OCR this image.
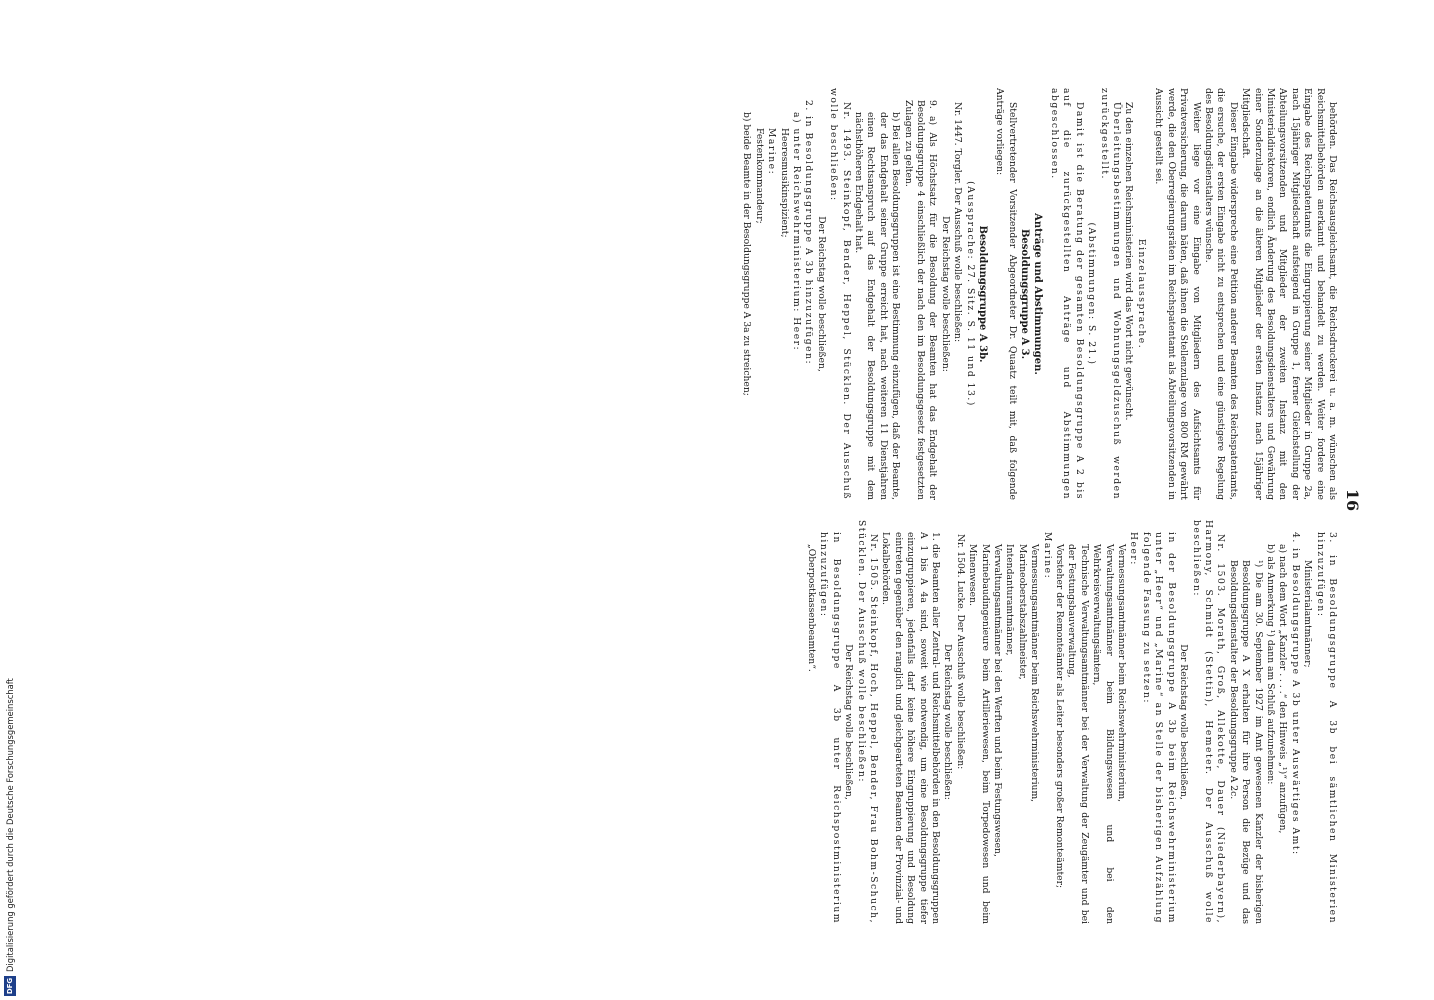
16

behörden. Das Reichsausgleichsamt, die Reichsdruckerei u. a. m. wünschen als Reichsmittelbehörden anerkannt und behandelt zu werden. Weiter fordere eine Eingabe des Reichspatentamts die Eingruppierung seiner Mitglieder in Gruppe 2a, nach 15jähriger Mitgliedschaft aufsteigend in Gruppe 1, ferner Gleichstellung der Abteilungsvorsitzenden und Mitglieder der zweiten Instanz mit den Ministerialdirektoren, endlich Änderung des Besoldungsdienstalters und Gewährung einer Sonderzulage an die älteren Mitglieder der ersten Instanz nach 15jähriger Mitgliedschaft.

Dieser Eingabe widerspreche eine Petition anderer Beamten des Reichspatentamts, die ersuche, der ersten Eingabe nicht zu entsprechen und eine günstigere Regelung des Besoldungsdienstalters wünsche.

Weiter liege vor eine Eingabe von Mitgliedern des Aufsichtsamts für Privatversicherung, die darum bäten, daß ihnen die Stellenzulage von 800 RM gewährt werde, die den Oberregierungsräten im Reichspatentamt als Abteilungsvorsitzenden in Aussicht gestellt sei.

Einzelaussprache.

Zu den einzelnen Reichsministerien wird das Wort nicht gewünscht.

Überleitungsbestimmungen und Wohnungsgeldzuschuß werden zurückgestellt.

(Abstimmungen: S. 21.)

Damit ist die Beratung der gesamten Besoldungsgruppe A 2 bis auf die zurückgestellten Anträge und Abstimmungen abgeschlossen.

Anträge und Abstimmungen.

Besoldungsgruppe A 3.

Stellvertretender Vorsitzender Abgeordneter Dr. Quaatz teilt mit, daß folgende Anträge vorliegen:

Besoldungsgruppe A 3b.

(Aussprache: 27. Sitz. S. 11 und 13.)

Nr. 1447. Torgler. Der Ausschuß wolle beschließen:

Der Reichstag wolle beschließen:

9. a) Als Höchstsatz für die Besoldung der Beamten hat das Endgehalt der Besoldungsgruppe 4 einschließlich der nach den im Besoldungsgesetz festgesetzten Zulagen zu gelten.

b) Bei allen Besoldungsgruppen ist eine Bestimmung einzufügen, daß der Beamte, der das Endgehalt seiner Gruppe erreicht hat, nach weiteren 11 Dienstjahren einen Rechtsanspruch auf das Endgehalt der Besoldungsgruppe mit dem nächsthöheren Endgehalt hat.

Nr. 1493. Steinkopf, Bender, Heppel, Stücklen. Der Ausschuß wolle beschließen:

Der Reichstag wolle beschließen,

2. in Besoldungsgruppe A 3b hinzuzufügen:

a) unter Reichswehrministerium: Heer:

Heeresmusikinspizient;

Marine:

Festenkommandeur;

b) beide Beamte in der Besoldungsgruppe A 3a zu streichen;

3. in Besoldungsgruppe A 3b bei sämtlichen Ministerien hinzuzufügen:

Ministerialamtmänner;

4. in Besoldungsgruppe A 3b unter Auswärtiges Amt:

a) nach dem Wort „Kanzler . . . .“ den Hinweis „¹)“ anzufügen,

b) als Anmerkung ¹) dann am Schluß aufzunehmen:

¹) Die am 30. September 1927 im Amt gewesenen Kanzler der bisherigen Besoldungsgruppe A X erhalten für ihre Person die Bezüge und das Besoldungsdienstalter der Besoldungsgruppe A 2c.

Nr. 1503. Morath, Groß, Allekotte, Dauer (Niederbayern), Harmony, Schmidt (Stettin), Hemeter. Der Ausschuß wolle beschließen:

Der Reichstag wolle beschließen,

in der Besoldungsgruppe A 3b beim Reichswehrministerium unter „Heer“ und „Marine“ an Stelle der bisherigen Aufzählung folgende Fassung zu setzen:

Heer:

Vermessungsamtmänner beim Reichswehrministerium,

Verwaltungsamtmänner beim Bildungswesen und bei den Wehrkreisverwaltungsämtern,

Technische Verwaltungsamtmänner bei der Verwaltung der Zeugämter und bei der Festungsbauverwaltung,

Vorsteher der Remonteämter als Leiter besonders großer Remonteämter;

Marine:

Vermessungsamtmänner beim Reichswehrministerium,

Marineoberstabszahlmeister,

Intendanturamtmänner,

Verwaltungsamtmänner bei den Werften und beim Festungswesen,

Marinebaudingenieure beim Artilleriewesen, beim Torpedowesen und beim Minenwesen.

Nr. 1504. Lucke. Der Ausschuß wolle beschließen:

Der Reichstag wolle beschließen:

1. die Beamten aller Zentral- und Reichsmittelbehörden in den Besoldungsgruppen A 1 bis A 4a sind, soweit wie notwendig, um eine Besoldungsgruppe tiefer einzugruppieren, jedenfalls darf keine höhere Eingruppierung und Besoldung eintreten gegenüber den ranglich und gleichgearteten Beamten der Provinzial- und Lokalbehörden.

Nr. 1505. Steinkopf, Hoch, Heppel, Bender, Frau Bohm-Schuch, Stücklen. Der Ausschuß wolle beschließen:

Der Reichstag wolle beschließen,

in Besoldungsgruppe A 3b unter Reichspostministerium hinzuzufügen:

„Oberpostkassenbeamten“.

DFG
Digitalisierung gefördert durch die Deutsche Forschungsgemeinschaft
